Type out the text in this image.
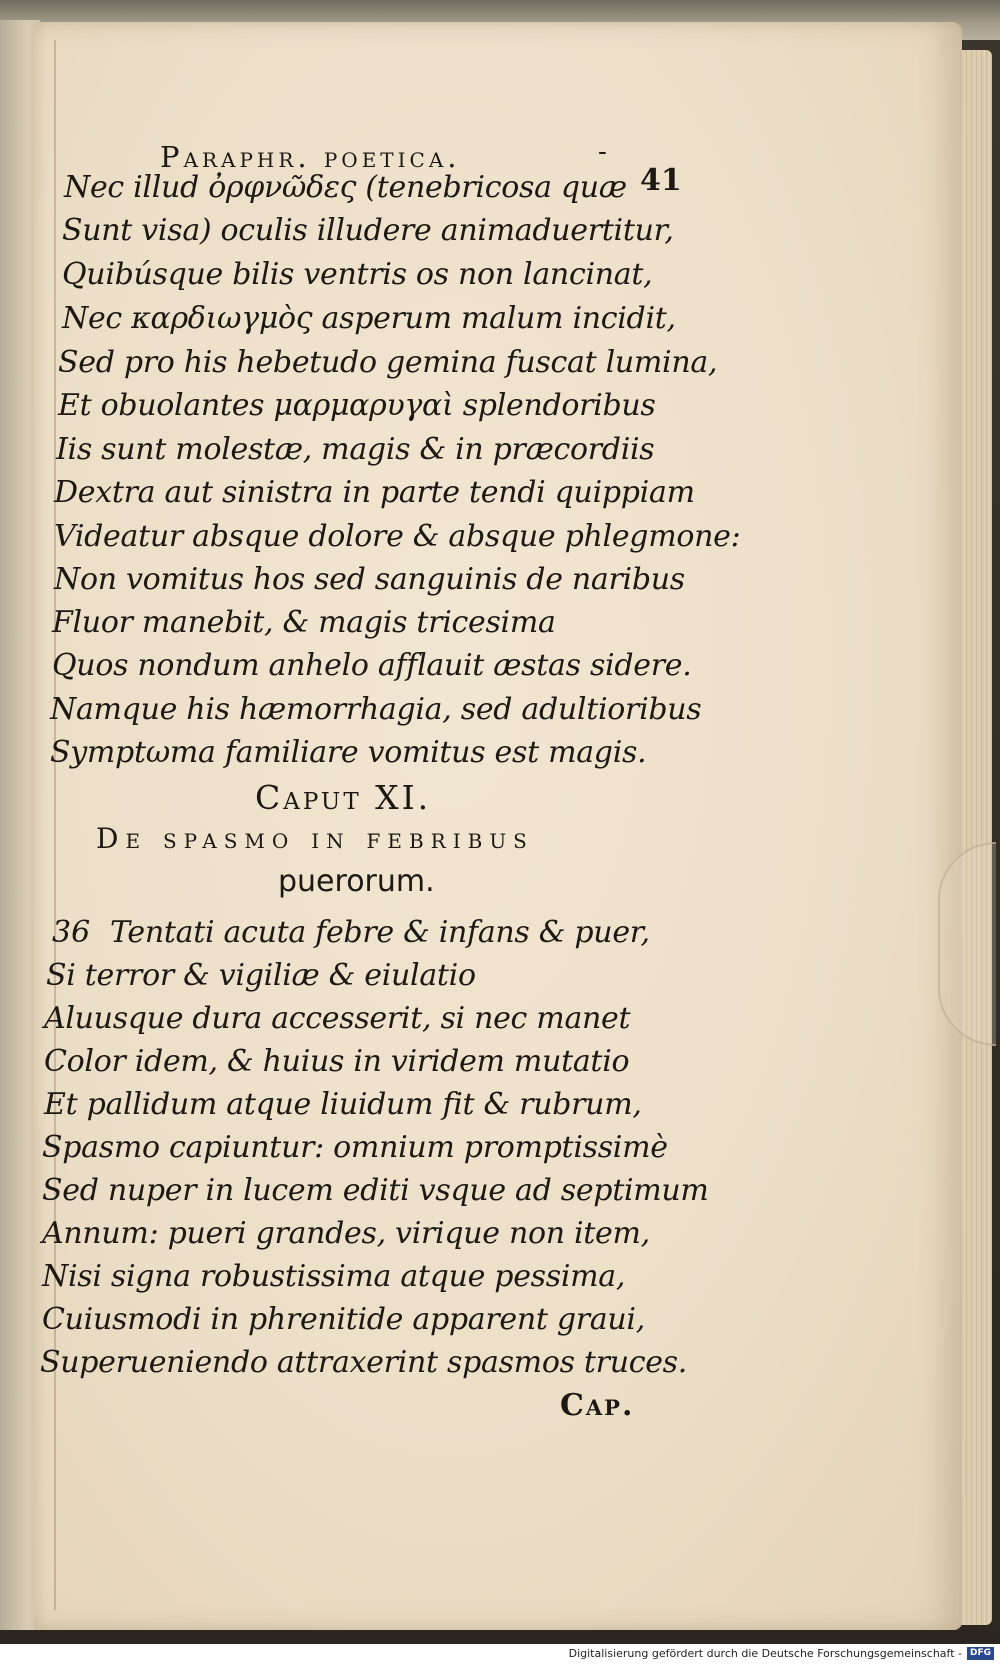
Paraphr. poetica.	-
41
Nec illud ὀρφνῶδες (tenebricosa quæ
Sunt visa) oculis illudere animaduertitur,
Quibúsque bilis ventris os non lancinat,
Nec καρδιωγμὸς asperum malum incidit,
Sed pro his hebetudo gemina fuscat lumina,
Et obuolantes μαρμαρυγαὶ splendoribus
Iis sunt molestæ, magis & in præcordiis
Dextra aut sinistra in parte tendi quippiam
Videatur absque dolore & absque phlegmone:
Non vomitus hos sed sanguinis de naribus
Fluor manebit, & magis tricesima
Quos nondum anhelo afflauit æstas sidere.
Namque his hæmorrhagia, sed adultioribus
Symptωma familiare vomitus est magis.
Caput XI.
De spasmo in febribus
puerorum.
36 Tentati acuta febre & infans & puer,
Si terror & vigiliæ & eiulatio
Aluusque dura accesserit, si nec manet
Color idem, & huius in viridem mutatio
Et pallidum atque liuidum fit & rubrum,
Spasmo capiuntur: omnium promptissimè
Sed nuper in lucem editi vsque ad septimum
Annum: pueri grandes, virique non item,
Nisi signa robustissima atque pessima,
Cuiusmodi in phrenitide apparent graui,
Superueniendo attraxerint spasmos truces.
Cap.
Digitalisierung gefördert durch die Deutsche Forschungsgemeinschaft - DFG
